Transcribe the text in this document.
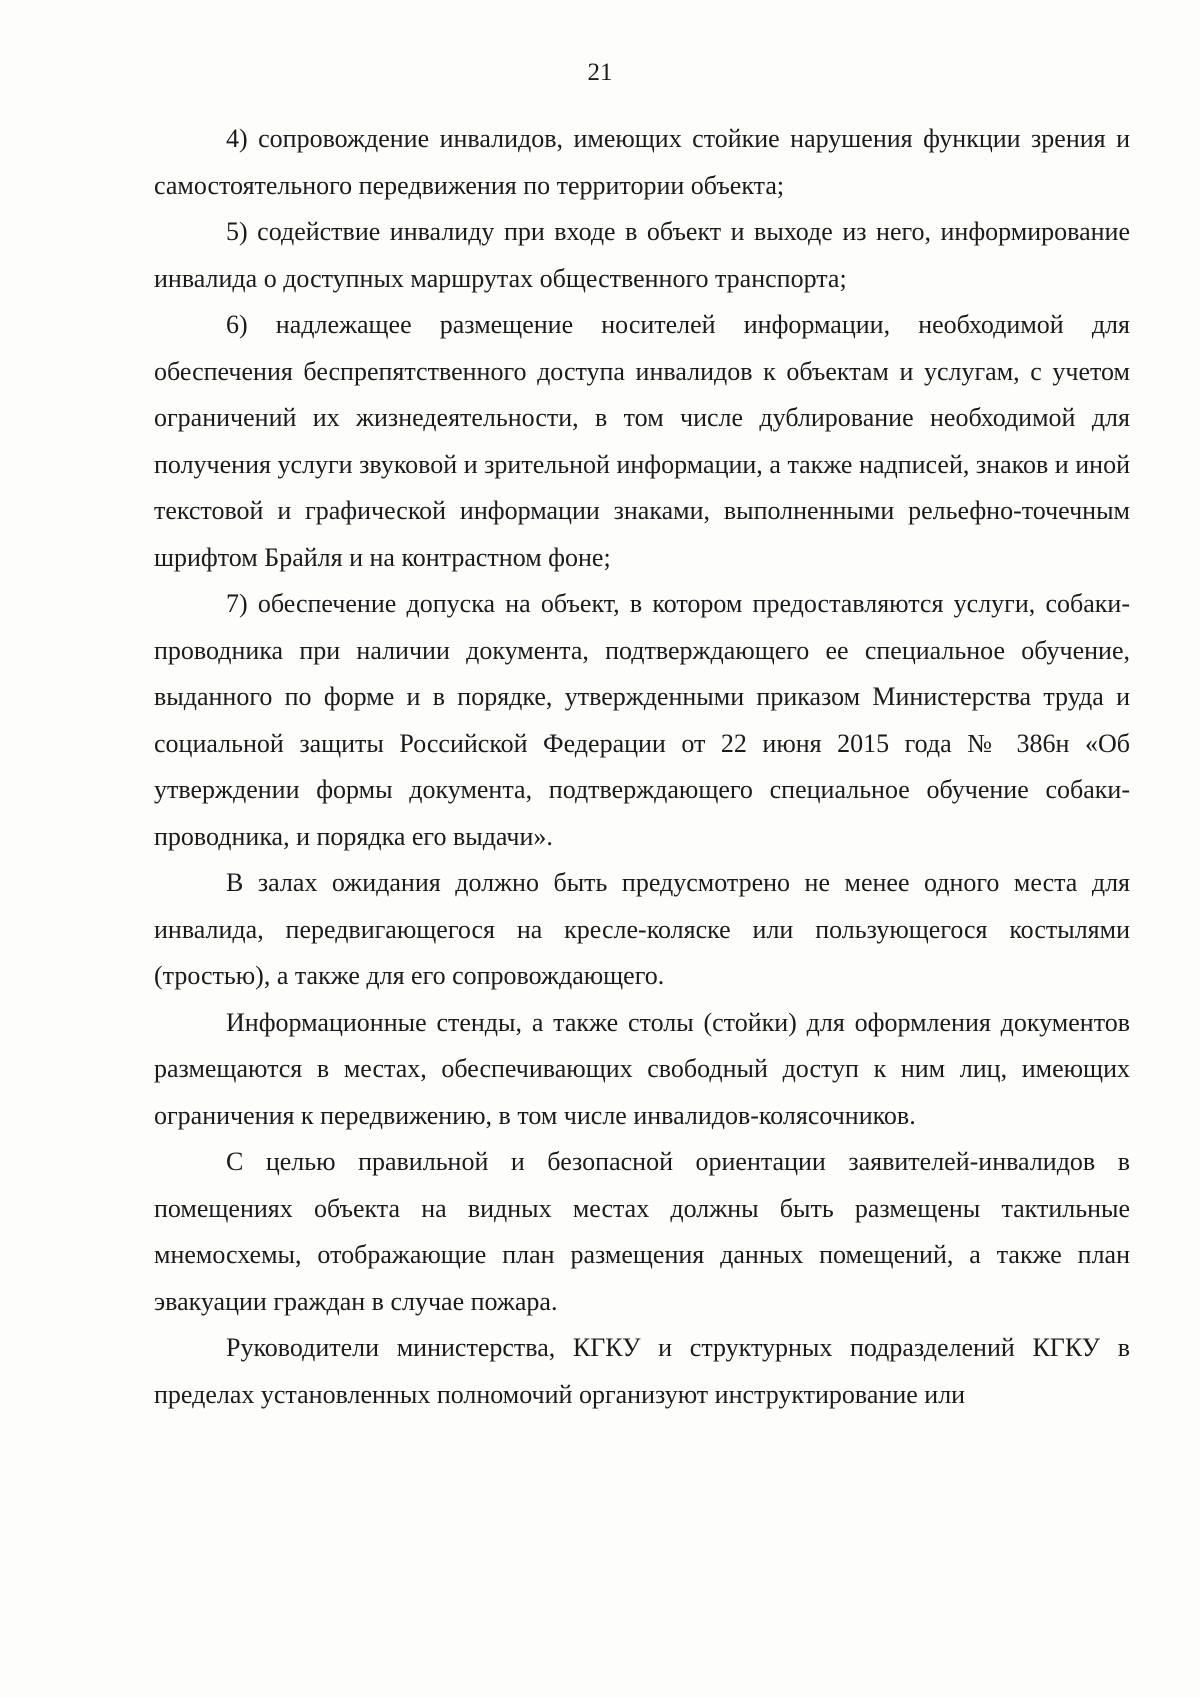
21

4) сопровождение инвалидов, имеющих стойкие нарушения функции зрения и самостоятельного передвижения по территории объекта;

5) содействие инвалиду при входе в объект и выходе из него, информирование инвалида о доступных маршрутах общественного транспорта;

6) надлежащее размещение носителей информации, необходимой для обеспечения беспрепятственного доступа инвалидов к объектам и услугам, с учетом ограничений их жизнедеятельности, в том числе дублирование необходимой для получения услуги звуковой и зрительной информации, а также надписей, знаков и иной текстовой и графической информации знаками, выполненными рельефно-точечным шрифтом Брайля и на контрастном фоне;

7) обеспечение допуска на объект, в котором предоставляются услуги, собаки-проводника при наличии документа, подтверждающего ее специальное обучение, выданного по форме и в порядке, утвержденными приказом Министерства труда и социальной защиты Российской Федерации от 22 июня 2015 года № 386н «Об утверждении формы документа, подтверждающего специальное обучение собаки-проводника, и порядка его выдачи».

В залах ожидания должно быть предусмотрено не менее одного места для инвалида, передвигающегося на кресле-коляске или пользующегося костылями (тростью), а также для его сопровождающего.

Информационные стенды, а также столы (стойки) для оформления документов размещаются в местах, обеспечивающих свободный доступ к ним лиц, имеющих ограничения к передвижению, в том числе инвалидов-колясочников.

С целью правильной и безопасной ориентации заявителей-инвалидов в помещениях объекта на видных местах должны быть размещены тактильные мнемосхемы, отображающие план размещения данных помещений, а также план эвакуации граждан в случае пожара.

Руководители министерства, КГКУ и структурных подразделений КГКУ в пределах установленных полномочий организуют инструктирование или
